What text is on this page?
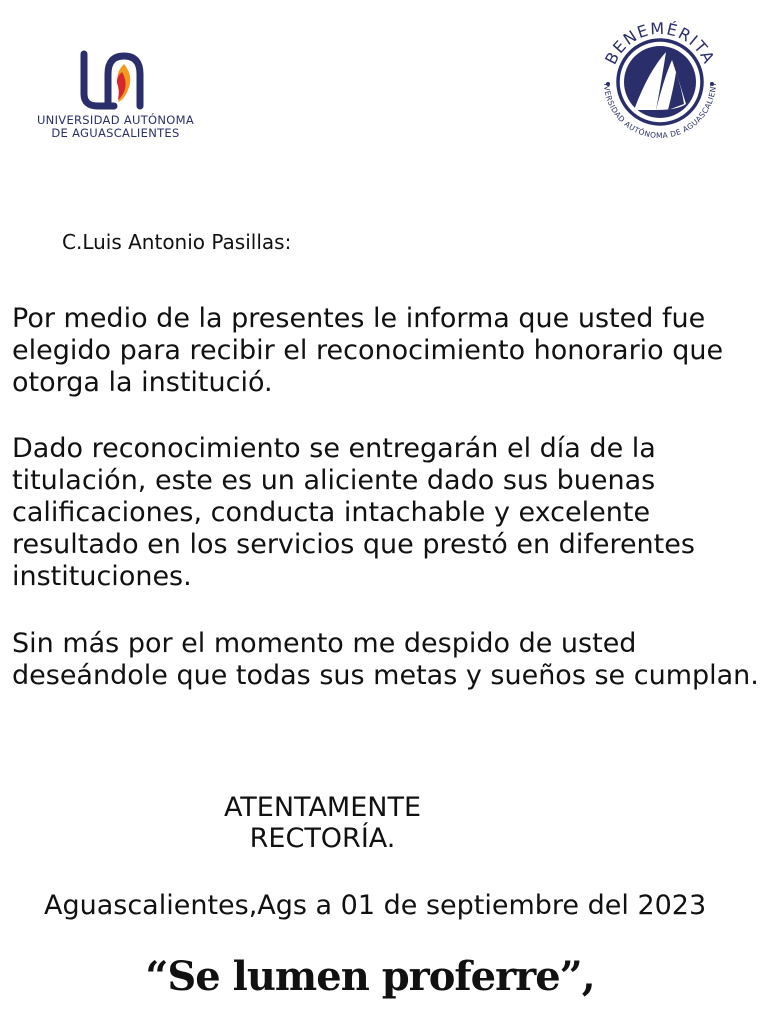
UNIVERSIDAD AUTÓNOMA
DE AGUASCALIENTES
BENEMÉRITA
IVERSIDAD AUTÓNOMA DE AGUASCALIENT
C.Luis Antonio Pasillas:

Por medio de la presentes le informa que usted fue elegido para recibir el reconocimiento honorario que otorga la institució.

Dado reconocimiento se entregarán el día de la titulación, este es un aliciente dado sus buenas calificaciones, conducta intachable y excelente resultado en los servicios que prestó en diferentes instituciones.

Sin más por el momento me despido de usted deseándole que todas sus metas y sueños se cumplan.

ATENTAMENTE
RECTORÍA.
Aguascalientes,Ags a 01 de septiembre del 2023
“Se lumen proferre”,
